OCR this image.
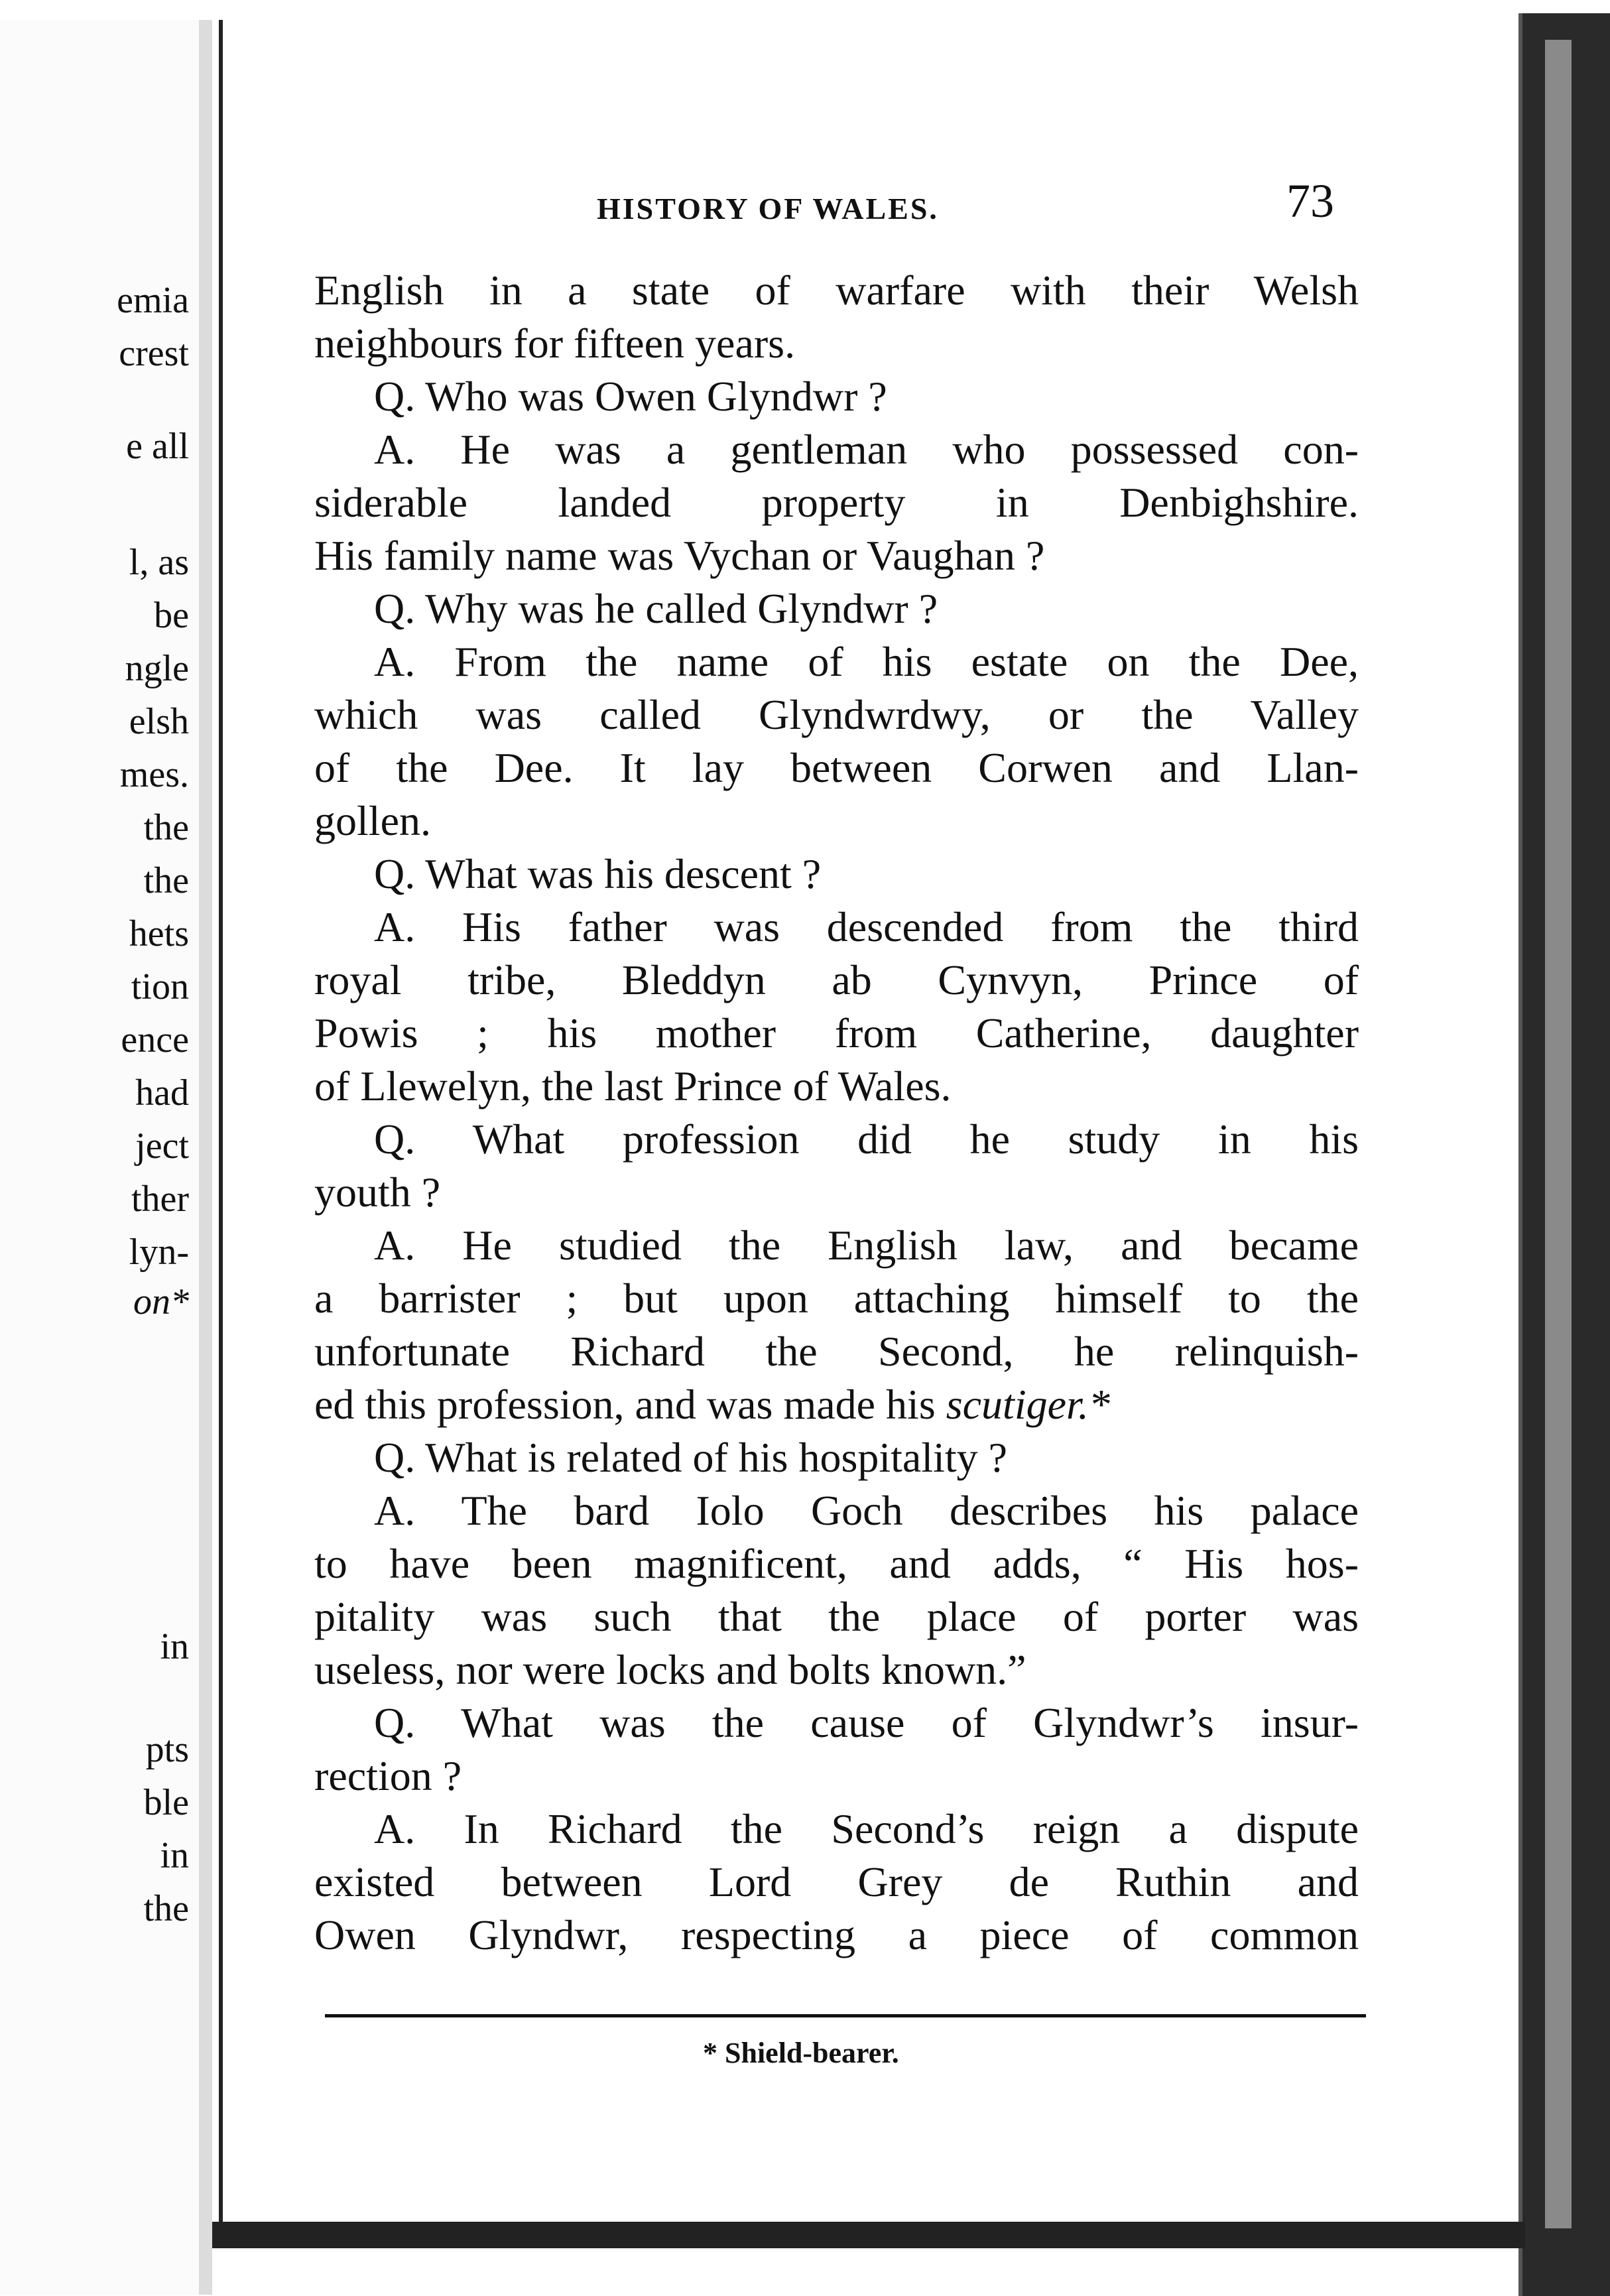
emia
crest
e all
l, as
be
ngle
elsh
mes.
the
the
hets
tion
ence
had
ject
ther
lyn-
on*
in
pts
ble
in
the
HISTORY OF WALES.	73
English in a state of warfare with their Welsh
neighbours for fifteen years.
Q. Who was Owen Glyndwr ?
A. He was a gentleman who possessed con-
siderable landed property in Denbighshire.
His family name was Vychan or Vaughan ?
Q. Why was he called Glyndwr ?
A. From the name of his estate on the Dee,
which was called Glyndwrdwy, or the Valley
of the Dee. It lay between Corwen and Llan-
gollen.
Q. What was his descent ?
A. His father was descended from the third
royal tribe, Bleddyn ab Cynvyn, Prince of
Powis ; his mother from Catherine, daughter
of Llewelyn, the last Prince of Wales.
Q. What profession did he study in his
youth ?
A. He studied the English law, and became
a barrister ; but upon attaching himself to the
unfortunate Richard the Second, he relinquish-
ed this profession, and was made his scutiger.*
Q. What is related of his hospitality ?
A. The bard Iolo Goch describes his palace
to have been magnificent, and adds, “ His hos-
pitality was such that the place of porter was
useless, nor were locks and bolts known.”
Q. What was the cause of Glyndwr’s insur-
rection ?
A. In Richard the Second’s reign a dispute
existed between Lord Grey de Ruthin and
Owen Glyndwr, respecting a piece of common
* Shield-bearer.
